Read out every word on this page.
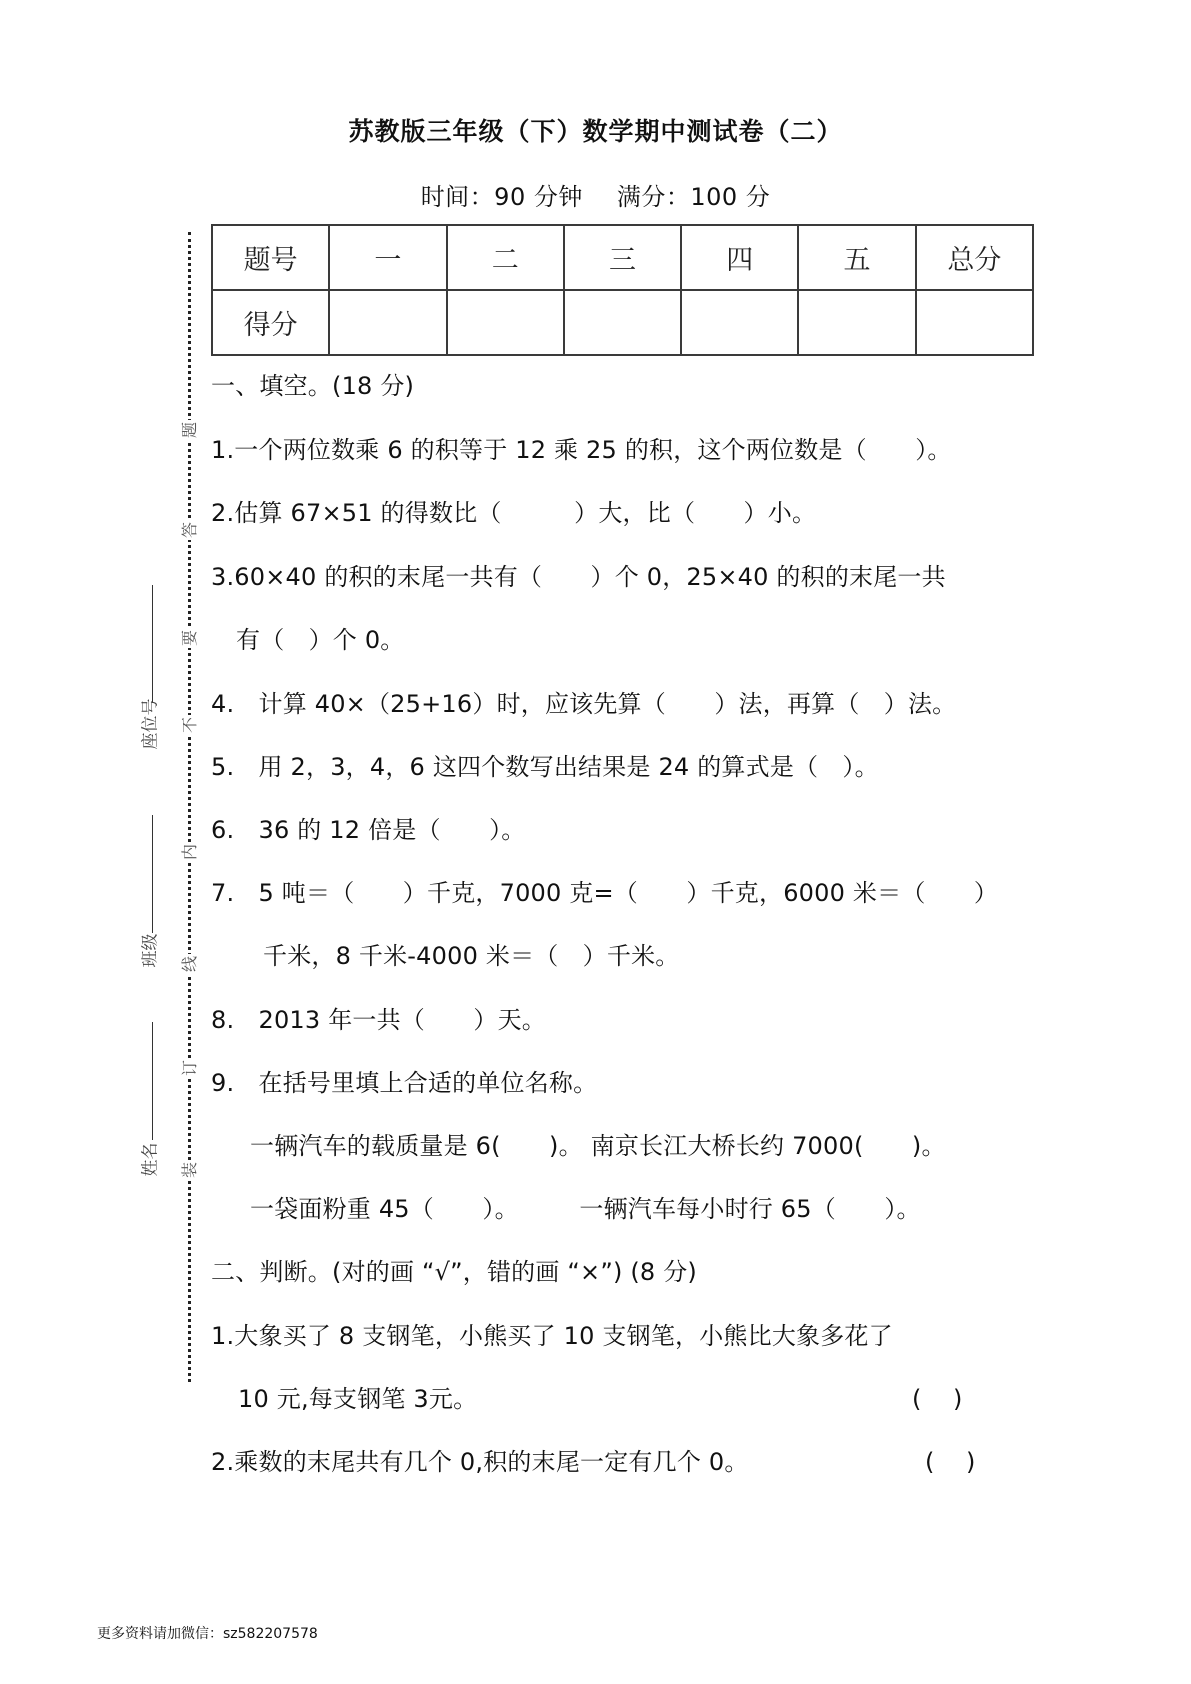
苏教版三年级（下）数学期中测试卷（二）
时间：90 分钟 满分：100 分
题号	一	二	三	四	五	总分
得分						
题
答
要
不
内
线
订
装
座位号
班级
姓名
一、填空。(18 分)
1.一个两位数乘 6 的积等于 12 乘 25 的积，这个两位数是（　　）。
2.估算 67×51 的得数比（　　　）大，比（　　）小。
3.60×40 的积的末尾一共有（　　）个 0，25×40 的积的末尾一共
有（　）个 0。
4.　计算 40×（25+16）时，应该先算（　　）法，再算（　）法。
5.　用 2，3，4，6 这四个数写出结果是 24 的算式是（　）。
6.　36 的 12 倍是（　　）。
7.　5 吨＝（　　）千克，7000 克=（　　）千克，6000 米＝（　　）
千米，8 千米-4000 米＝（　）千米。
8.　2013 年一共（　　）天。
9.　在括号里填上合适的单位名称。
一辆汽车的载质量是 6(　　)。 南京长江大桥长约 7000(　　)。
一袋面粉重 45（　　）。　　　一辆汽车每小时行 65（　　）。
二、判断。(对的画 “√”，错的画 “×”) (8 分)
1.大象买了 8 支钢笔，小熊买了 10 支钢笔，小熊比大象多花了
10 元,每支钢笔 3元。	(　 )
2.乘数的末尾共有几个 0,积的末尾一定有几个 0。	(　 )
更多资料请加微信：sz582207578
